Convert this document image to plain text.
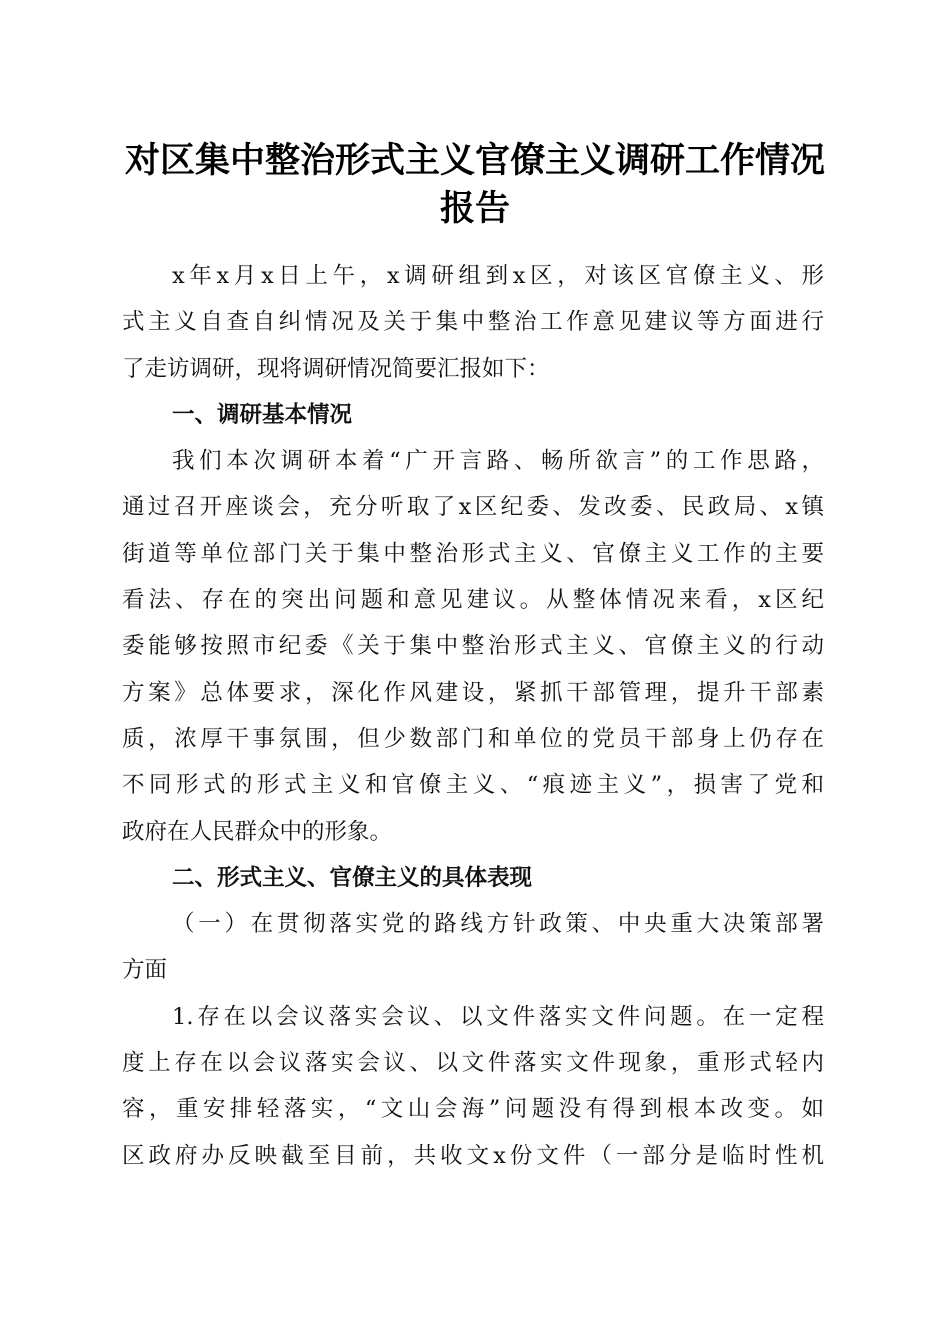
对区集中整治形式主义官僚主义调研工作情况
报告
x年x月x日上午，x调研组到x区，对该区官僚主义、形
式主义自查自纠情况及关于集中整治工作意见建议等方面进行
了走访调研，现将调研情况简要汇报如下：
一、调研基本情况
我们本次调研本着“广开言路、畅所欲言”的工作思路，
通过召开座谈会，充分听取了x区纪委、发改委、民政局、x镇
街道等单位部门关于集中整治形式主义、官僚主义工作的主要
看法、存在的突出问题和意见建议。从整体情况来看，x区纪
委能够按照市纪委《关于集中整治形式主义、官僚主义的行动
方案》总体要求，深化作风建设，紧抓干部管理，提升干部素
质，浓厚干事氛围，但少数部门和单位的党员干部身上仍存在
不同形式的形式主义和官僚主义、“痕迹主义”，损害了党和
政府在人民群众中的形象。
二、形式主义、官僚主义的具体表现
（一）在贯彻落实党的路线方针政策、中央重大决策部署
方面
1.存在以会议落实会议、以文件落实文件问题。在一定程
度上存在以会议落实会议、以文件落实文件现象，重形式轻内
容，重安排轻落实，“文山会海”问题没有得到根本改变。如
区政府办反映截至目前，共收文x份文件（一部分是临时性机
